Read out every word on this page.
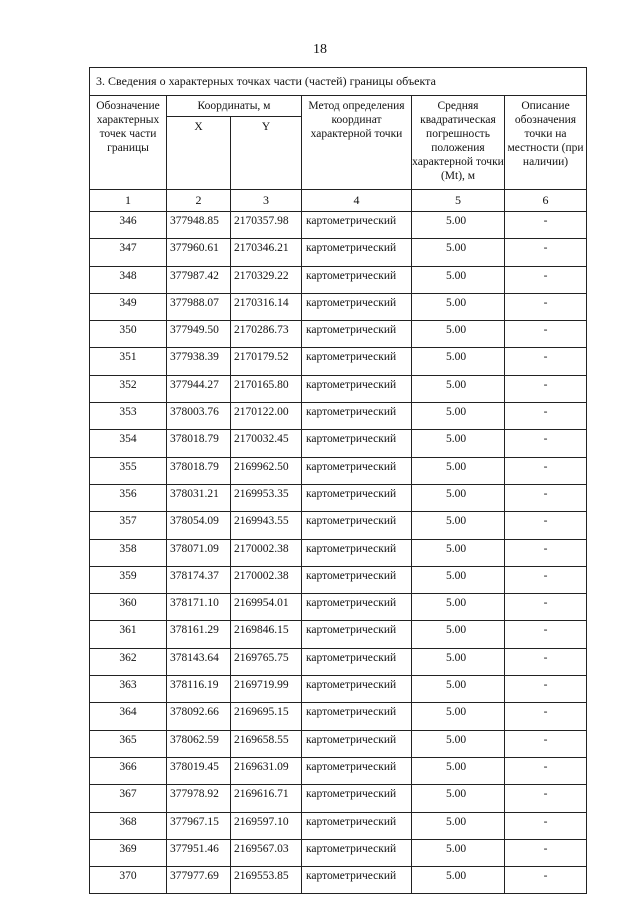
18
3. Сведения о характерных точках части (частей) границы объекта					
Обозначение характерных точек части границы	Координаты, м		Метод определения координат характерной точки	Средняя квадратическая погрешность положения характерной точки (Mt), м	Описание обозначения точки на местности (при наличии)
	X	Y			
1	2	3	4	5	6
346	377948.85	2170357.98	картометрический	5.00	-
347	377960.61	2170346.21	картометрический	5.00	-
348	377987.42	2170329.22	картометрический	5.00	-
349	377988.07	2170316.14	картометрический	5.00	-
350	377949.50	2170286.73	картометрический	5.00	-
351	377938.39	2170179.52	картометрический	5.00	-
352	377944.27	2170165.80	картометрический	5.00	-
353	378003.76	2170122.00	картометрический	5.00	-
354	378018.79	2170032.45	картометрический	5.00	-
355	378018.79	2169962.50	картометрический	5.00	-
356	378031.21	2169953.35	картометрический	5.00	-
357	378054.09	2169943.55	картометрический	5.00	-
358	378071.09	2170002.38	картометрический	5.00	-
359	378174.37	2170002.38	картометрический	5.00	-
360	378171.10	2169954.01	картометрический	5.00	-
361	378161.29	2169846.15	картометрический	5.00	-
362	378143.64	2169765.75	картометрический	5.00	-
363	378116.19	2169719.99	картометрический	5.00	-
364	378092.66	2169695.15	картометрический	5.00	-
365	378062.59	2169658.55	картометрический	5.00	-
366	378019.45	2169631.09	картометрический	5.00	-
367	377978.92	2169616.71	картометрический	5.00	-
368	377967.15	2169597.10	картометрический	5.00	-
369	377951.46	2169567.03	картометрический	5.00	-
370	377977.69	2169553.85	картометрический	5.00	-
